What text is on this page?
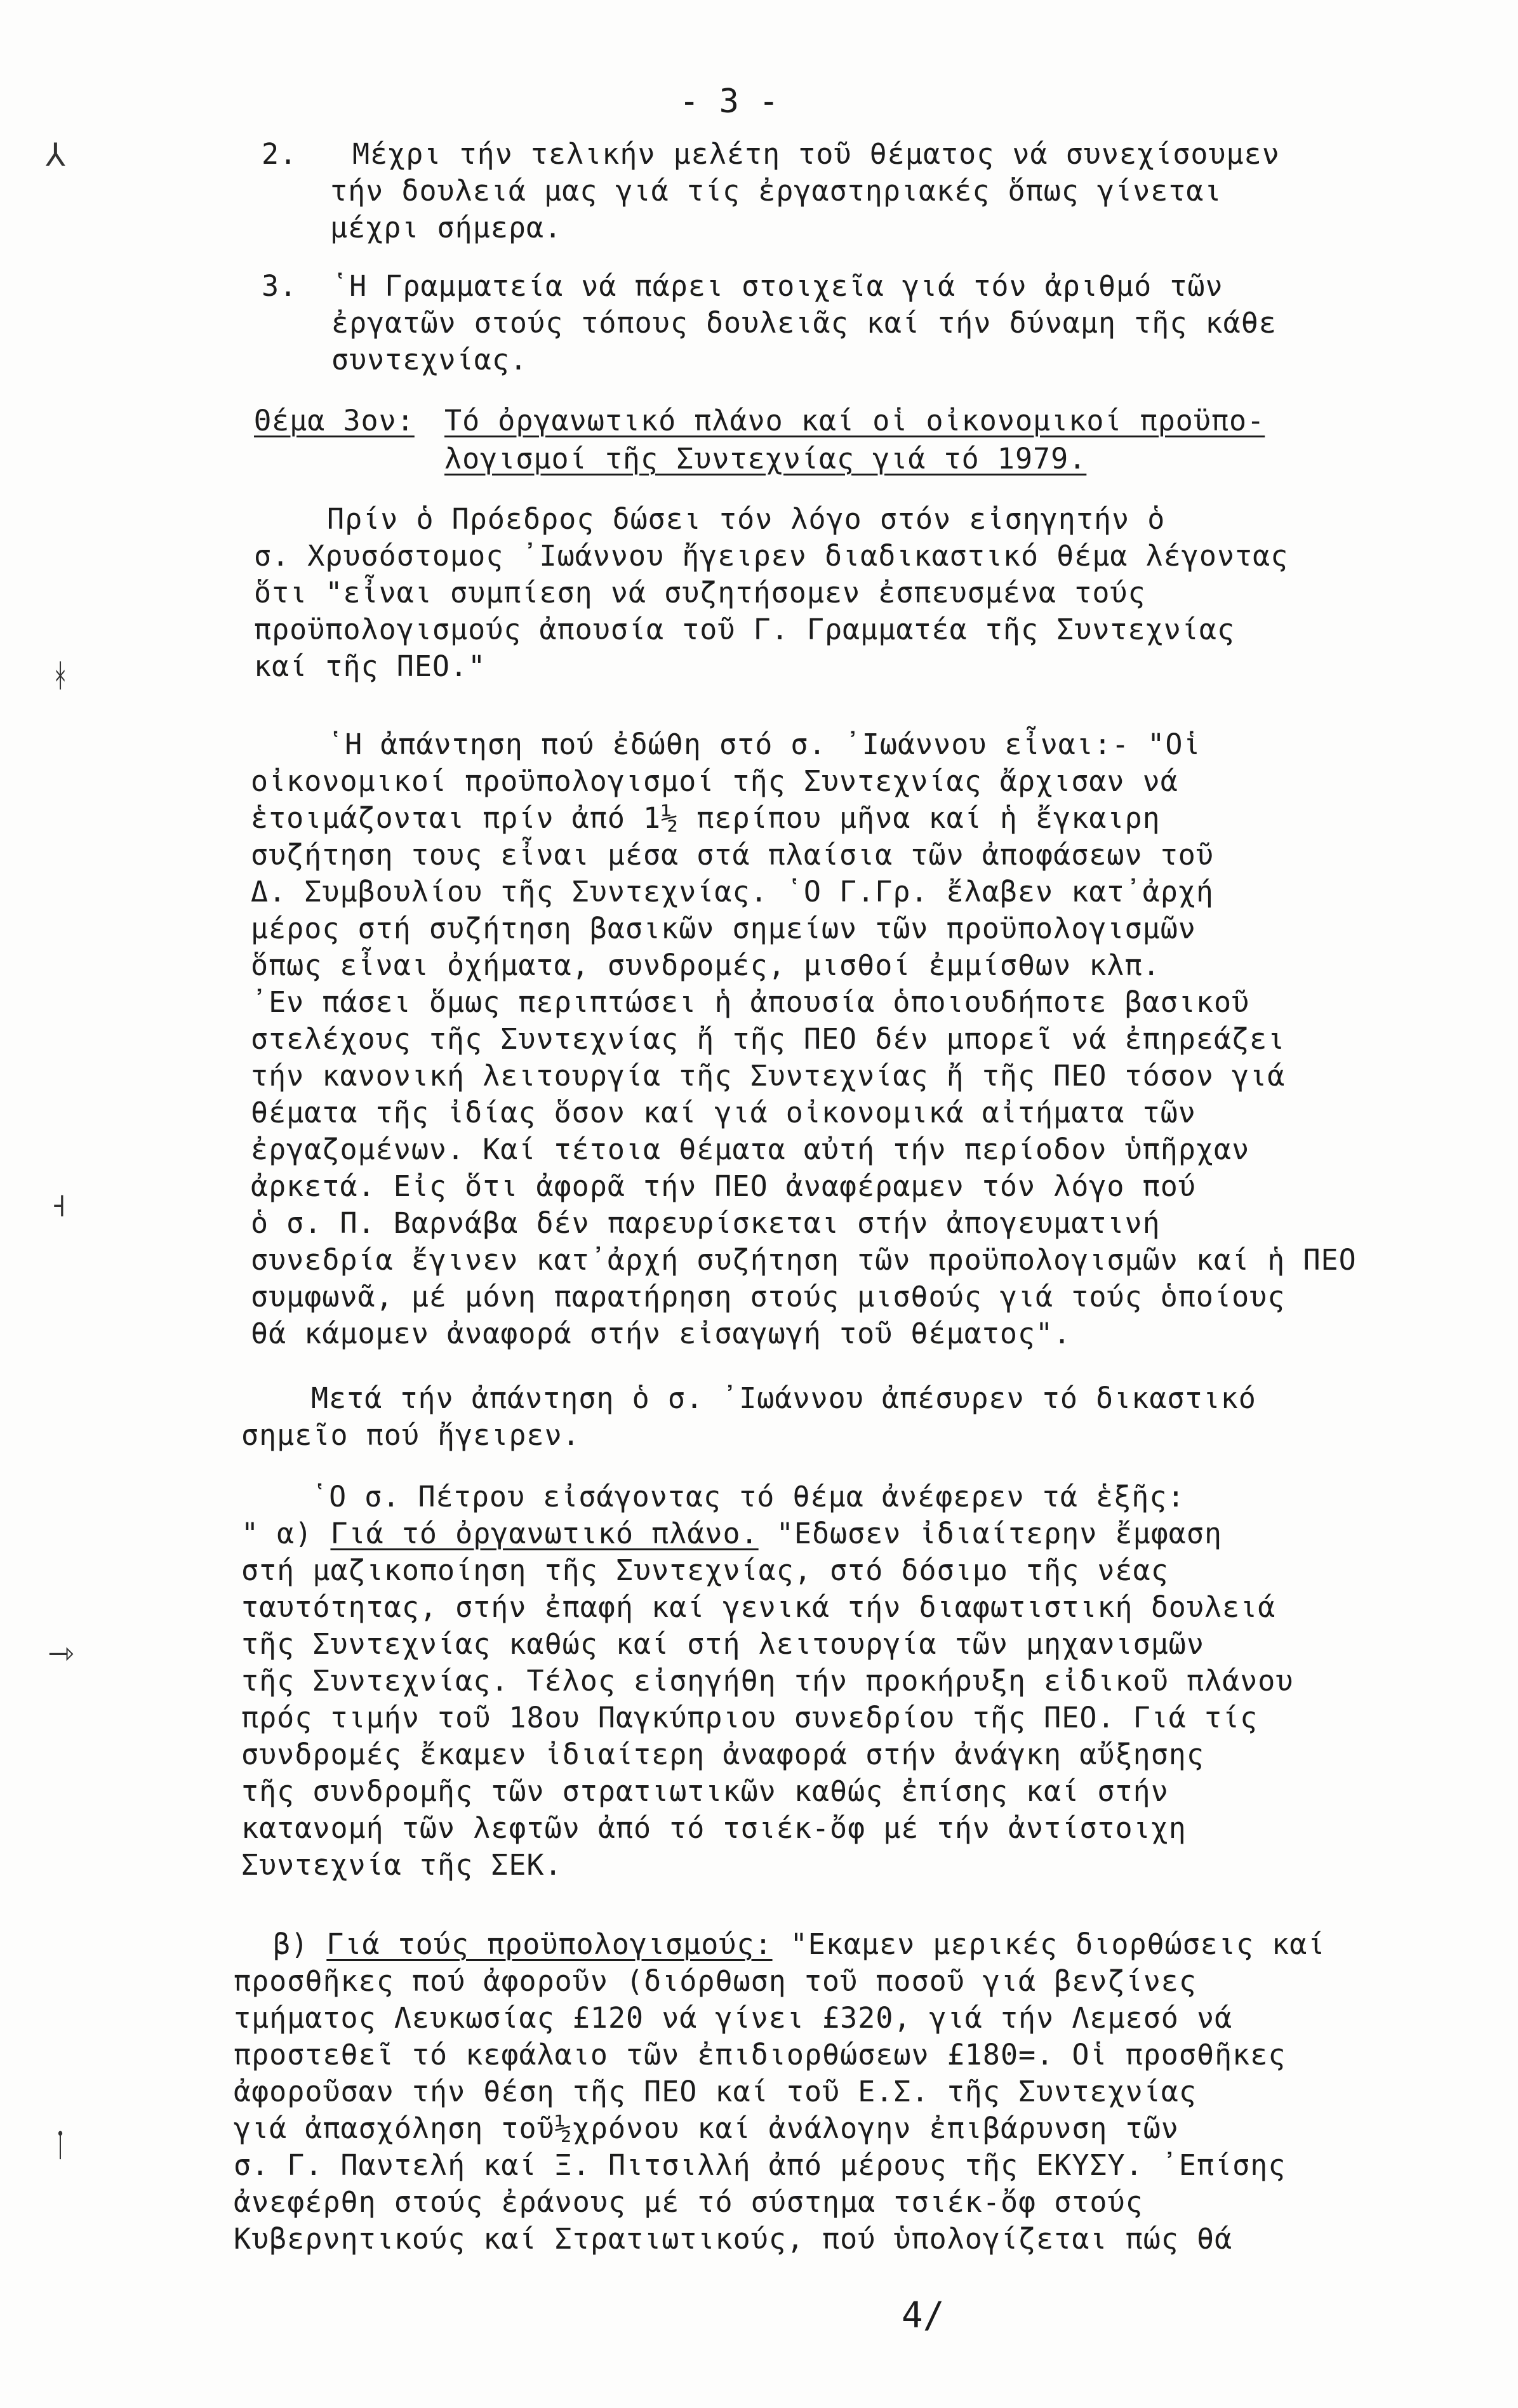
⅄
ᚼ
˧
⇾
ᛙ
- 3 -
2. Μέχρι τήν τελικήν μελέτη τοῦ θέματος νά συνεχίσουμεν
τήν δουλειά μας γιά τίς ἐργαστηριακές ὅπως γίνεται
μέχρι σήμερα.
3. ῾Η Γραμματεία νά πάρει στοιχεῖα γιά τόν ἀριθμό τῶν
ἐργατῶν στούς τόπους δουλειᾶς καί τήν δύναμη τῆς κάθε
συντεχνίας.
Θέμα 3ον: Τό ὀργανωτικό πλάνο καί οἱ οἰκονομικοί προϋπο-
λογισμοί τῆς Συντεχνίας γιά τό 1979.
Πρίν ὁ Πρόεδρος δώσει τόν λόγο στόν εἰσηγητήν ὁ
σ. Χρυσόστομος ᾽Ιωάννου ἤγειρεν διαδικαστικό θέμα λέγοντας
ὅτι "εἶναι συμπίεση νά συζητήσομεν ἐσπευσμένα τούς
προϋπολογισμούς ἀπουσία τοῦ Γ. Γραμματέα τῆς Συντεχνίας
καί τῆς ΠΕΟ."
῾Η ἀπάντηση πού ἐδώθη στό σ. ᾽Ιωάννου εἶναι:- "Οἱ
οἰκονομικοί προϋπολογισμοί τῆς Συντεχνίας ἄρχισαν νά
ἑτοιμάζονται πρίν ἀπό 1½ περίπου μῆνα καί ἡ ἔγκαιρη
συζήτηση τους εἶναι μέσα στά πλαίσια τῶν ἀποφάσεων τοῦ
Δ. Συμβουλίου τῆς Συντεχνίας. ῾Ο Γ.Γρ. ἔλαβεν κατ᾽ἀρχή
μέρος στή συζήτηση βασικῶν σημείων τῶν προϋπολογισμῶν
ὅπως εἶναι ὀχήματα, συνδρομές, μισθοί ἐμμίσθων κλπ.
᾽Εν πάσει ὅμως περιπτώσει ἡ ἀπουσία ὁποιουδήποτε βασικοῦ
στελέχους τῆς Συντεχνίας ἤ τῆς ΠΕΟ δέν μπορεῖ νά ἐπηρεάζει
τήν κανονική λειτουργία τῆς Συντεχνίας ἤ τῆς ΠΕΟ τόσον γιά
θέματα τῆς ἰδίας ὅσον καί γιά οἰκονομικά αἰτήματα τῶν
ἐργαζομένων. Καί τέτοια θέματα αὐτή τήν περίοδον ὑπῆρχαν
ἀρκετά. Εἰς ὅτι ἀφορᾶ τήν ΠΕΟ ἀναφέραμεν τόν λόγο πού
ὁ σ. Π. Βαρνάβα δέν παρευρίσκεται στήν ἀπογευματινή
συνεδρία ἔγινεν κατ᾽ἀρχή συζήτηση τῶν προϋπολογισμῶν καί ἡ ΠΕΟ
συμφωνᾶ, μέ μόνη παρατήρηση στούς μισθούς γιά τούς ὁποίους
θά κάμομεν ἀναφορά στήν εἰσαγωγή τοῦ θέματος".
Μετά τήν ἀπάντηση ὁ σ. ᾽Ιωάννου ἀπέσυρεν τό δικαστικό
σημεῖο πού ἤγειρεν.
῾Ο σ. Πέτρου εἰσάγοντας τό θέμα ἀνέφερεν τά ἑξῆς:
" α) Γιά τό ὀργανωτικό πλάνο. "Εδωσεν ἰδιαίτερην ἔμφαση
στή μαζικοποίηση τῆς Συντεχνίας, στό δόσιμο τῆς νέας
ταυτότητας, στήν ἐπαφή καί γενικά τήν διαφωτιστική δουλειά
τῆς Συντεχνίας καθώς καί στή λειτουργία τῶν μηχανισμῶν
τῆς Συντεχνίας. Τέλος εἰσηγήθη τήν προκήρυξη εἰδικοῦ πλάνου
πρός τιμήν τοῦ 18ου Παγκύπριου συνεδρίου τῆς ΠΕΟ. Γιά τίς
συνδρομές ἔκαμεν ἰδιαίτερη ἀναφορά στήν ἀνάγκη αὔξησης
τῆς συνδρομῆς τῶν στρατιωτικῶν καθώς ἐπίσης καί στήν
κατανομή τῶν λεφτῶν ἀπό τό τσιέκ-ὄφ μέ τήν ἀντίστοιχη
Συντεχνία τῆς ΣΕΚ.
β) Γιά τούς προϋπολογισμούς: "Εκαμεν μερικές διορθώσεις καί
προσθῆκες πού ἀφοροῦν (διόρθωση τοῦ ποσοῦ γιά βενζίνες
τμήματος Λευκωσίας £120 νά γίνει £320, γιά τήν Λεμεσό νά
προστεθεῖ τό κεφάλαιο τῶν ἐπιδιορθώσεων £180=. Οἱ προσθῆκες
ἀφοροῦσαν τήν θέση τῆς ΠΕΟ καί τοῦ Ε.Σ. τῆς Συντεχνίας
γιά ἀπασχόληση τοῦ½χρόνου καί ἀνάλογην ἐπιβάρυνση τῶν
σ. Γ. Παντελή καί Ξ. Πιτσιλλή ἀπό μέρους τῆς ΕΚΥΣΥ. ᾽Επίσης
ἀνεφέρθη στούς ἐράνους μέ τό σύστημα τσιέκ-ὄφ στούς
Κυβερνητικούς καί Στρατιωτικούς, πού ὑπολογίζεται πώς θά
4/
